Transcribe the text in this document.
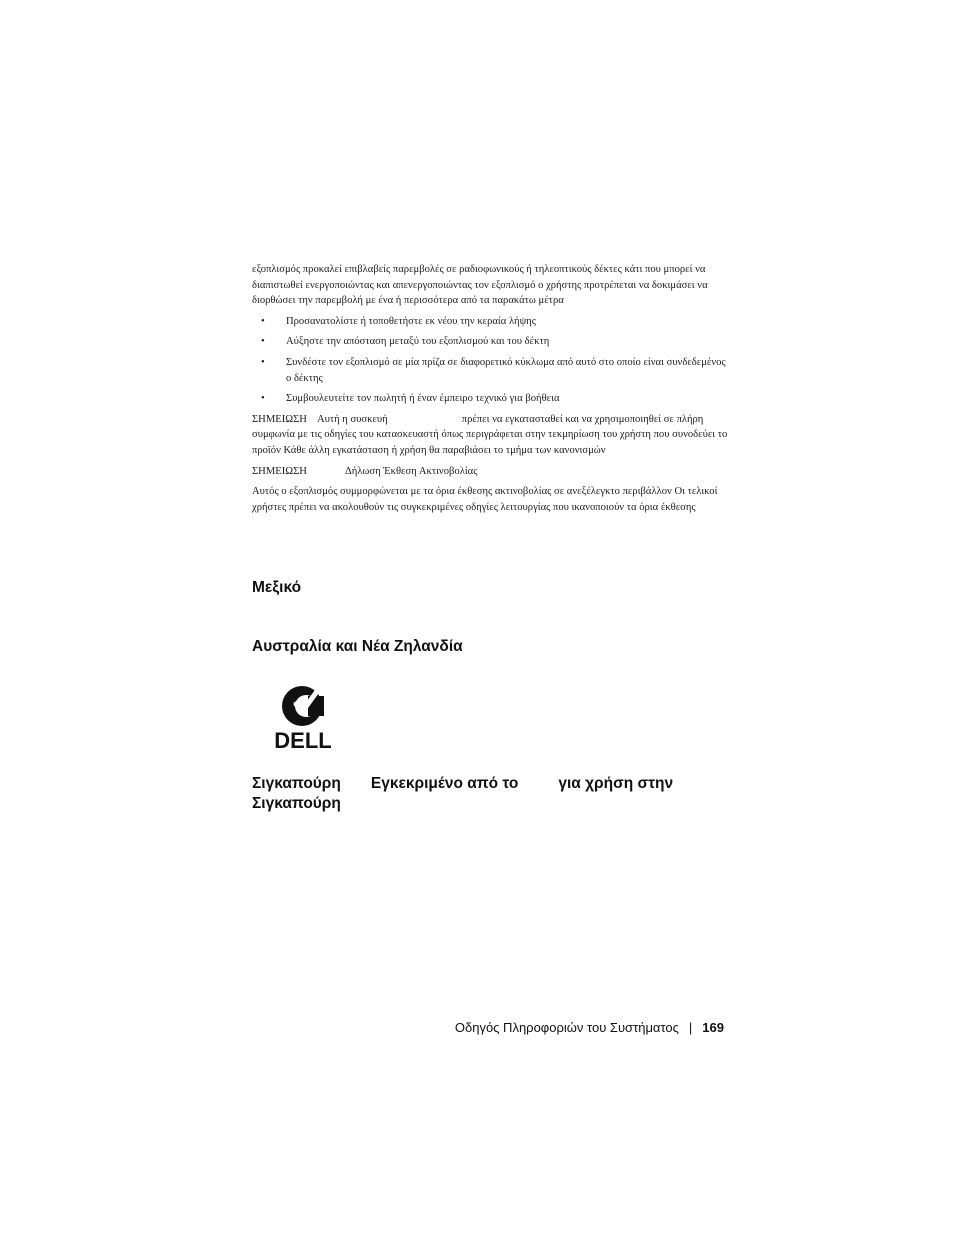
εξοπλισμός προκαλεί επιβλαβείς παρεμβολές σε ραδιοφωνικούς ή τηλεοπτικούς δέκτες κάτι που μπορεί να διαπιστωθεί ενεργοποιώντας και απενεργοποιώντας τον εξοπλισμό ο χρήστης προτρέπεται να δοκιμάσει να διορθώσει την παρεμβολή με ένα ή περισσότερα από τα παρακάτω μέτρα

• Προσανατολίστε ή τοποθετήστε εκ νέου την κεραία λήψης
• Αύξηστε την απόσταση μεταξύ του εξοπλισμού και του δέκτη
• Συνδέστε τον εξοπλισμό σε μία πρίζα σε διαφορετικό κύκλωμα από αυτό στο οποίο είναι συνδεδεμένος ο δέκτης
• Συμβουλευτείτε τον πωλητή ή έναν έμπειρο τεχνικό για βοήθεια

ΣΗΜΕΙΩΣΗ Αυτή η συσκευή	πρέπει να εγκατασταθεί και να χρησιμοποιηθεί σε πλήρη συμφωνία με τις οδηγίες του κατασκευαστή όπως περιγράφεται στην τεκμηρίωση του χρήστη που συνοδεύει το προϊόν Κάθε άλλη εγκατάσταση ή χρήση θα παραβιάσει το τμήμα των κανονισμών

ΣΗΜΕΙΩΣΗ	Δήλωση Έκθεση Ακτινοβολίας

Αυτός ο εξοπλισμός συμμορφώνεται με τα όρια έκθεσης ακτινοβολίας σε ανεξέλεγκτο περιβάλλον Οι τελικοί χρήστες πρέπει να ακολουθούν τις συγκεκριμένες οδηγίες λειτουργίας που ικανοποιούν τα όρια έκθεσης

Μεξικό
Αυστραλία και Νέα Ζηλανδία
DELL
Σιγκαπούρη Εγκεκριμένο από το	για χρήση στην
Σιγκαπούρη
Οδηγός Πληροφοριών του Συστήματος | 169
